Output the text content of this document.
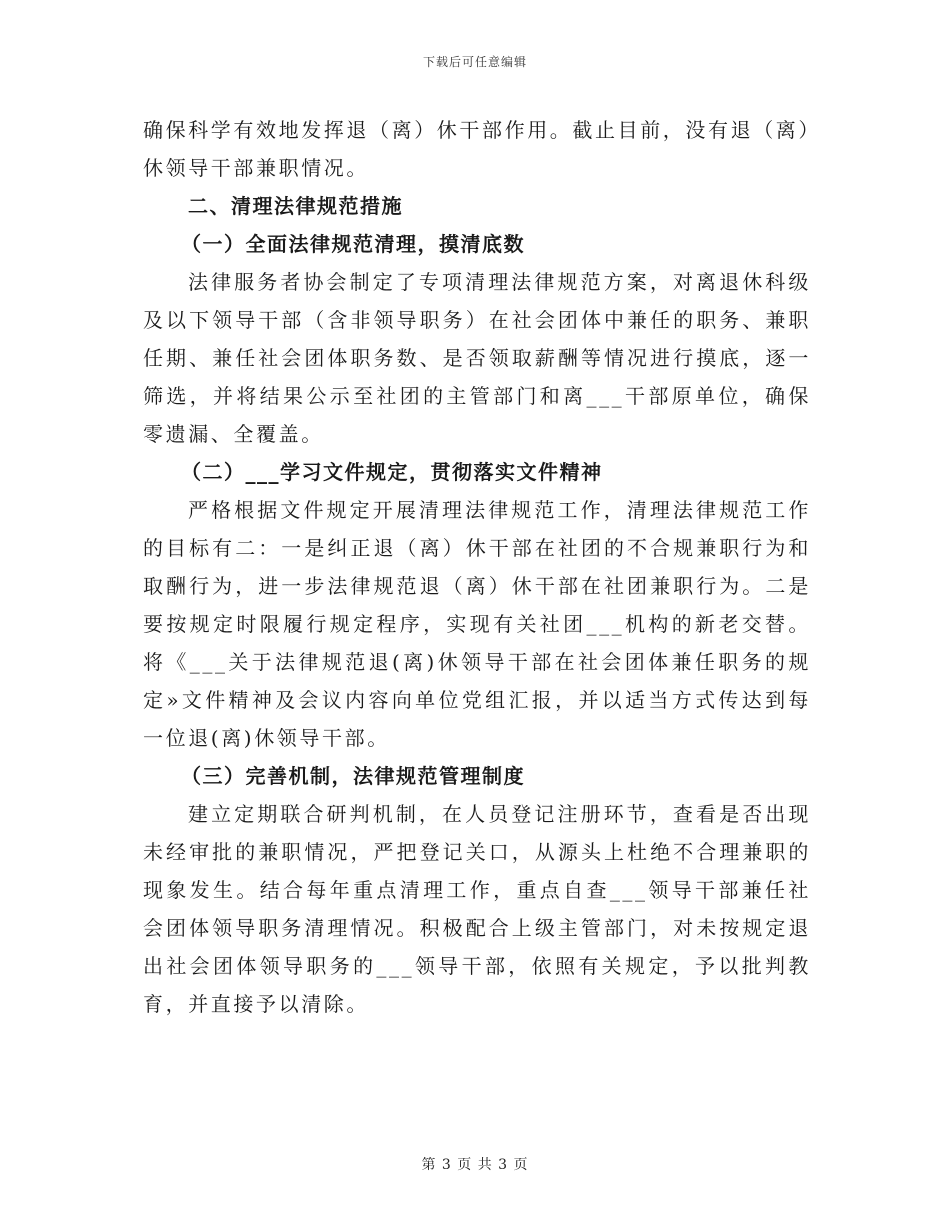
下载后可任意编辑

确保科学有效地发挥退（离）休干部作用。截止目前，没有退（离）休领导干部兼职情况。

二、清理法律规范措施

（一）全面法律规范清理，摸清底数

法律服务者协会制定了专项清理法律规范方案，对离退休科级及以下领导干部（含非领导职务）在社会团体中兼任的职务、兼职任期、兼任社会团体职务数、是否领取薪酬等情况进行摸底，逐一筛选，并将结果公示至社团的主管部门和离___干部原单位，确保零遗漏、全覆盖。

（二）___学习文件规定，贯彻落实文件精神

严格根据文件规定开展清理法律规范工作，清理法律规范工作的目标有二：一是纠正退（离）休干部在社团的不合规兼职行为和取酬行为，进一步法律规范退（离）休干部在社团兼职行为。二是要按规定时限履行规定程序，实现有关社团___机构的新老交替。将《___关于法律规范退(离)休领导干部在社会团体兼任职务的规定»文件精神及会议内容向单位党组汇报，并以适当方式传达到每一位退(离)休领导干部。

（三）完善机制，法律规范管理制度

建立定期联合研判机制，在人员登记注册环节，查看是否出现未经审批的兼职情况，严把登记关口，从源头上杜绝不合理兼职的现象发生。结合每年重点清理工作，重点自查___领导干部兼任社会团体领导职务清理情况。积极配合上级主管部门，对未按规定退出社会团体领导职务的___领导干部，依照有关规定，予以批判教育，并直接予以清除。

第 3 页 共 3 页
